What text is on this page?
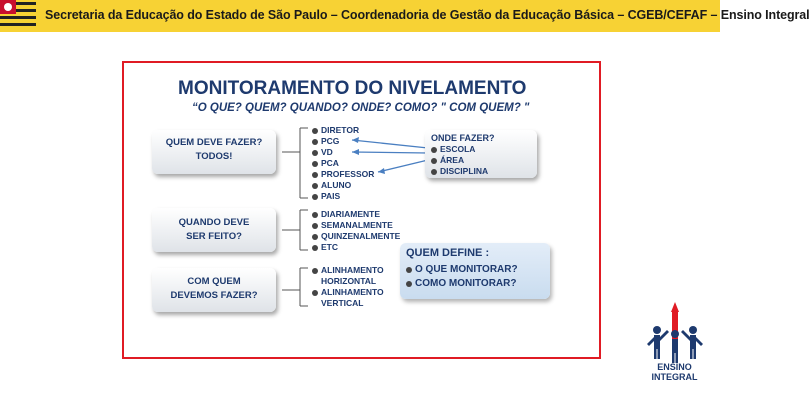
Secretaria da Educação do Estado de São Paulo – Coordenadoria de Gestão da Educação Básica – CGEB/CEFAF – Ensino Integral
MONITORAMENTO DO NIVELAMENTO
“O QUE? QUEM? QUANDO? ONDE? COMO? " COM QUEM? "
QUEM DEVE FAZER?
TODOS!
QUANDO DEVE
SER FEITO?
COM QUEM
DEVEMOS FAZER?
DIRETOR
PCG
VD
PCA
PROFESSOR
ALUNO
PAIS
DIARIAMENTE
SEMANALMENTE
QUINZENALMENTE
ETC
ALINHAMENTO
HORIZONTAL
ALINHAMENTO
VERTICAL
ONDE FAZER?
ESCOLA
ÁREA
DISCIPLINA
QUEM DEFINE :
O QUE MONITORAR?
COMO MONITORAR?
ENSINO
INTEGRAL
